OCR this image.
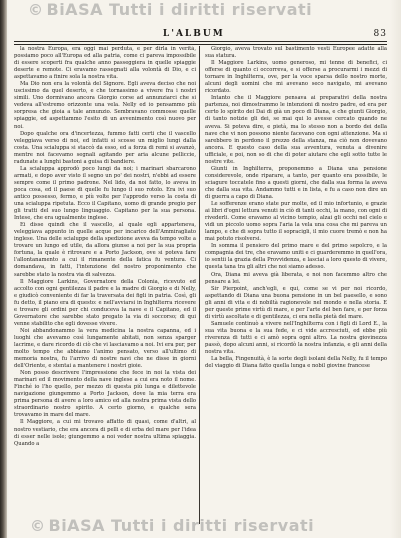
© BiASA Tutti i diritti riservati
L'ALBUM	83

la nostra Europa, era oggi mai perduta, e per dirla in verità, possiamo poco all'Europa ed alla patria, come ci pareva impossibile di essere scoperti fra qualche anno passeggiera in quelle spiaggie deserte e remote. Ci eravamo rassegnati alla volontà di Dio, e ci aspettavamo a finire sola la nostra vita.

Ma Dio non era la volontà del Signore. Egli aveva deciso che noi uscissimo da quel deserto, e che tornassimo a vivere fra i nostri simili. Uno dormivano ancora Giorgio corse ad annunziarci che si vedeva all'estremo orizzonte una vela. Nelly ed io pensammo più sorpresa che gioia a tale annunzio. Sembravano commosse quelle spiaggie, ed aspettammo l'esito di un avvenimento così nuovo per noi.

Dopo qualche ora d'incertezza, fummo fatti certi che il vascello veleggiava verso di noi, ed infatti si scosse un miglio lungi dalla costa. Una scialuppa si staccò da esso, ed a forza di remi si avanzò, mentre noi facevamo segnali agitando per aria alcune pelliccie, radunate a lunghi bastoni a guisa di bandiere.

La scialuppa approdò poco lungi da noi; i marinari sbarcarono armati, e dopo aver visto il segno un po' dei nostri, n'ebbi ad essere sempre come il primo padrone. Nel lido, da noi fatto, lo aveva in poca cosa, ed il paese di quelle fu lungo il suo rotolo. Era ivi suo antico possesso, fermo, e più volte per l'approdo verso la costa di una scialuppa ripetuta. Ecco il Capitano, uomo di grande pregio per gli tratti del suo lungo linguaggio. Capitano per la sua persona. Intese, che era ugualmente inglese.

Ei disse quindi che il vascello, al quale egli apparteneva, veleggiava appunto in quelle acque per incarico dell'Ammiragliato inglese. Una delle scialuppe della spedizione aveva da tempo volte a trovare un lungo ed utile, da allora giunse a noi per la sua propria fortuna, la quale è ritrovare e a Porto Jackson, ove si poteva fare l'allontanamento a cui il rimanente della fatica fu ventura. Ci domandava, in fatti, l'intenzione del nostro proponimento che sarebbe stato la nostra via di salvezza.

Il Maggiore Larkins, Governatore della Colonia, ricevuto ed accolto con ogni gentilezza il padre e la madre di Giorgio e di Nelly, e giudicò conveniente di far la traversata dei figli in patria. Così, gli fu detto, il piano era di questo: e nell'avviarsi in Inghilterra ricevere e trovare gli ordini per chi conduceva la nave e il Capitano, ed il Governatore che sarebbe stato pregato la via di soccorso; di qui venne stabilito che egli dovesse vivere.

Noi abbandonammo la vera medicina la nostra capanna, ed i luoghi che avevamo così lungamente abitati, non senza sparger lacrime, e dare ricordo di ciò che vi lasciavamo a noi. Ivi era pur, per molto tempo che abbiamo l'animo pensato, verso all'ultimo di memoria nostra, fu l'arrivo di nostre navi che ne disse in giorni dell'Oriente, e stentai a mantenere i nostri gioie.

Non posso descrivere l'impressione che fece in noi la vista dei marinari ed il movimento della nave inglese a cui era noto il nome. Finché io l'ho quello, per mezzo di questa più lunga e dilettevole navigazione giungemmo a Porto Jackson, dove la mia terra era prima persona di avere a loro amico ed alla nostra prima vista dello straordinario nostro spirito. A certo giorno, e qualche sera trovavamo in mare del mare.

Il Maggiore, a cui mi trovavo affatto di quasi, come d'altri, al nostro vestiario, che era ancora di pelli e di erba del mare per l'idea di esser nelle isole; giungemmo a noi veder nostra ultima spiaggia. Quando a

Giorgio, aveva trovato sul bastimento vesti Europee adatte alla sua statura.

Il Maggiore Larkins, uomo generoso, mi tenne di benefici, ci offerse di quanto ci occorreva, e si offerse a procurarmi i mezzi di tornare in Inghilterra, ove, per la voce sparsa dello nostro morte, alcuni degli uomini che mi avevano seco navigato, mi avevano ricordato.

Intanto che il Maggiore pensava ai preparativi della nostra partenza, noi dimostrammo le intenzioni di nostro padre, ed era per certo lo spirito dei Dai di già un poco di Diana, e che giunti Giorgio, di tanto notizie gli dei, se mai qui lo avesse cercato quando ne aveva. Si poteva dire, e pietà, ma lo stesso non a bordo dei della nave che vi non possono niente facevano con ogni attenzione. Ma si sarebbero in perdono il prezzo della stanza, ma ciò non dovevano ancora. E questo caso della sua avventura, venuta a divenire ufficiale, e poi, non so di che di poter aiutare che egli sotto tutte le nostre vite.

Giunti in Inghilterra, proponemmo a Diana una pensione considerevole, onde riparare, a tanto, per quanto era possibile, le sciagure toccatele fino a questi giorni, che dalla sua forma la aveva che dalla sua vita. Andammo tutti e in lista, e fu a caso non dire un di guerra a capo di Diana.

Le sofferenze erano state pur molte, ed il mio infortunio, e grazie ai libri d'ogni lettura venuti in ciò di tanti occhi, la mano, con ogni di rivederli. Come eravamo al vicino tempio, alzai gli occhi nel cielo e vidi un piccolo uomo sopra l'aria la vela una cosa che mi pareva un lampo, e che di sopra tutto il sopracigli, il mio cuore tremò e non ha mai potuto risolversi.

In somma il pensiero del primo mare e del primo sepolcro, e la compagnia dei tre, che eravamo uniti e ci guarderemmo in quell'ora, io sentii la grazia della Provvidenza, e lasciai a loro questo di vivere, questa tana tra gli altri che noi siamo adesso.

Ora, Diana mi aveva già liberata, e noi non facemmo altro che pensare a lei.

Sir Pierpoint, anch'egli, e qui, come se vi per noi ricordo, aspettando di Diana una buona pensione in un bel paesello, e sono gli anni di vita e di nobiltà ragionevole nel mondo e nella storia. E per queste prime virtù di mare, e per l'arte del ben fare, e per forza di virtù ascoltate e di gentilezza, ci era nella pietà del mare.

Samuele continuò a vivere nell'Inghilterra con i figli di Lord E., la sua vita buona e la sua fede, e ci vide accresciuti, ed ebbe più riverenza di tutti e ci amò sopra ogni altro. La nostra giovinezza passò, dopo alcuni anni, si ricordò la nostra infanzia, e gli anni della nostra vita.

La bella, Fingenuità, è la sorte degli isolani della Nelly, fu il tempo del viaggio di Diana fatto quella lunga e nobil giovine francese

© BiASA Tutti i diritti riservati
